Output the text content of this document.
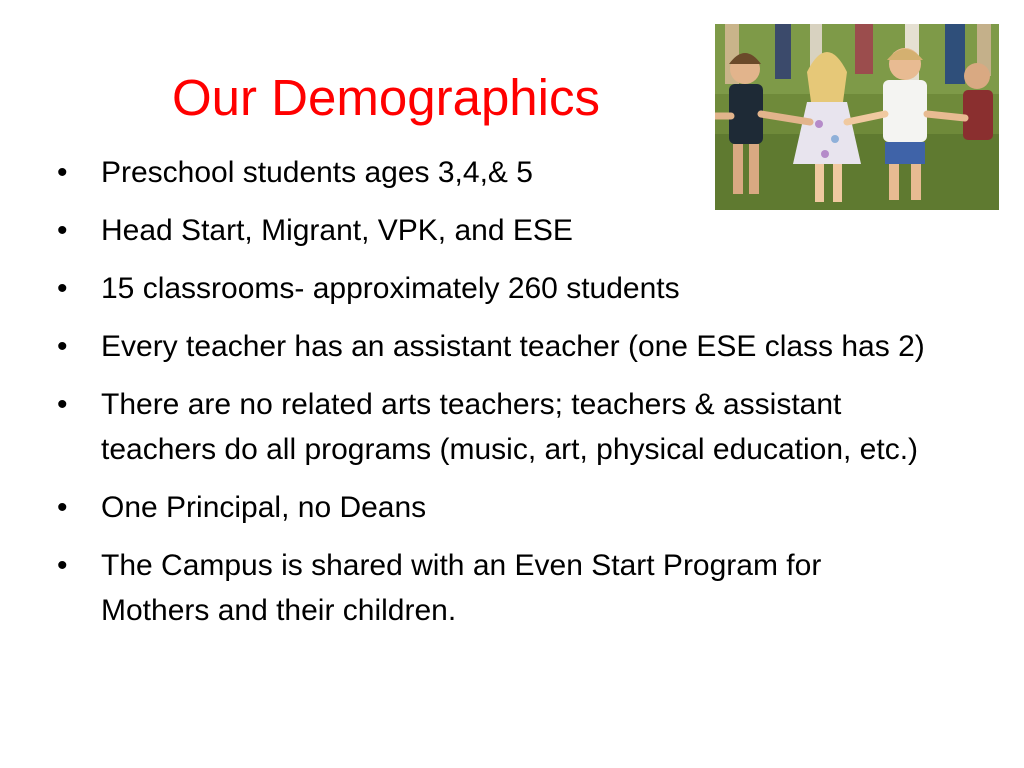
Our Demographics
•	Preschool students ages 3,4,& 5
•	Head Start, Migrant, VPK, and ESE
•	15 classrooms- approximately 260 students
•	Every teacher has an assistant teacher (one ESE class has 2)
•	There are no related arts teachers; teachers & assistant teachers do all programs (music, art, physical education, etc.)
•	One Principal, no Deans
•	The Campus is shared with an Even Start Program for Mothers and their children.
